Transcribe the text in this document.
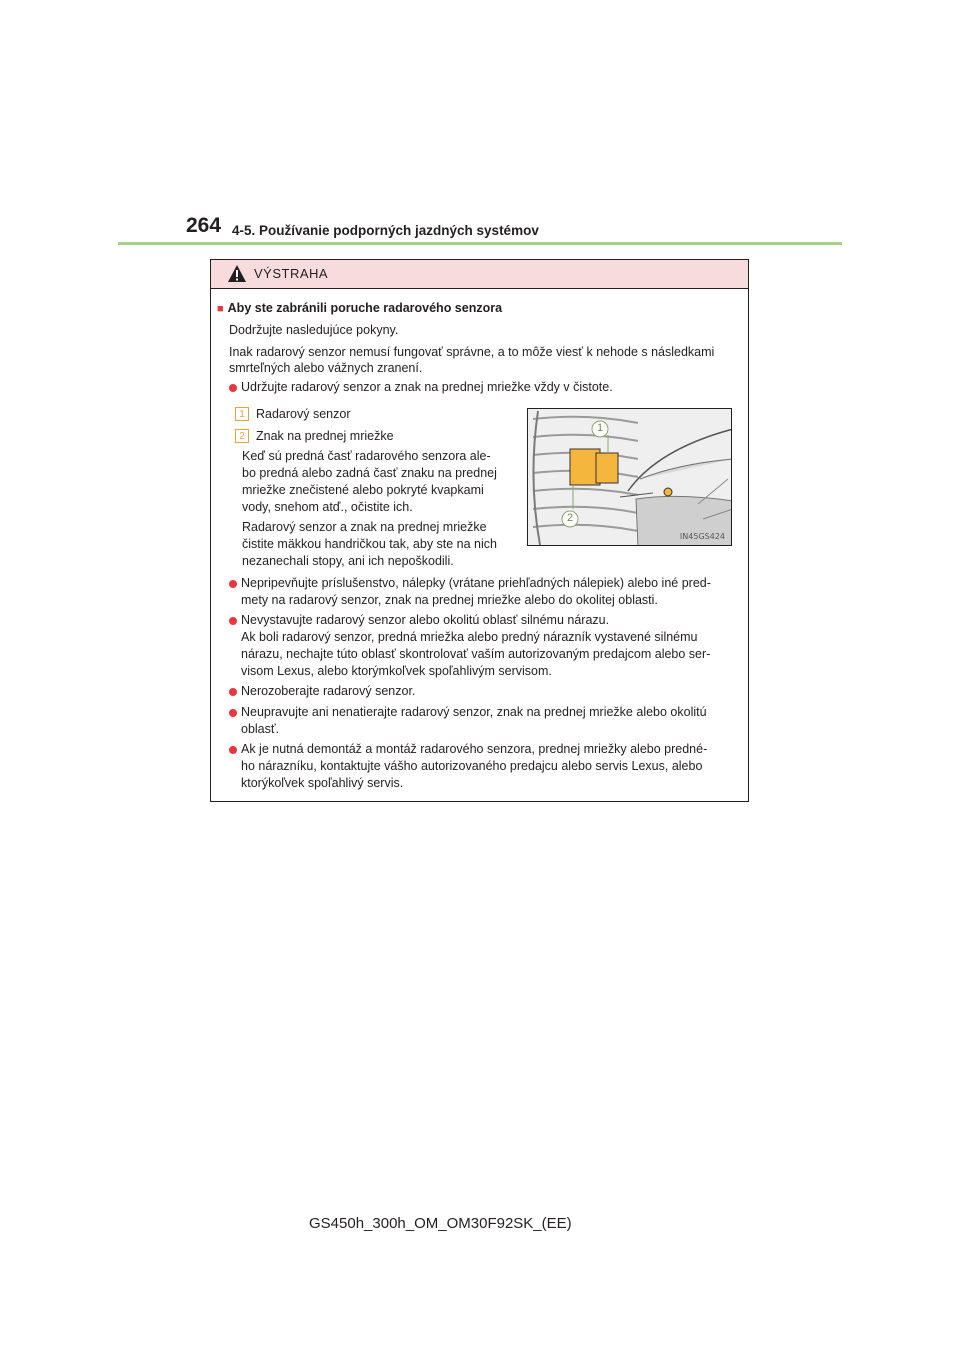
264 4-5. Používanie podporných jazdných systémov
VÝSTRAHA
■ Aby ste zabránili poruche radarového senzora
Dodržujte nasledujúce pokyny.
Inak radarový senzor nemusí fungovať správne, a to môže viesť k nehode s následkami
smrteľných alebo vážnych zranení.
Udržujte radarový senzor a znak na prednej mriežke vždy v čistote.
1 Radarový senzor
2 Znak na prednej mriežke
Keď sú predná časť radarového senzora ale-
bo predná alebo zadná časť znaku na prednej
mriežke znečistené alebo pokryté kvapkami
vody, snehom atď., očistite ich.
Radarový senzor a znak na prednej mriežke
čistite mäkkou handričkou tak, aby ste na nich
nezanechali stopy, ani ich nepoškodili.
1
2
IN45GS424
Nepripevňujte príslušenstvo, nálepky (vrátane priehľadných nálepiek) alebo iné pred-
mety na radarový senzor, znak na prednej mriežke alebo do okolitej oblasti.
Nevystavujte radarový senzor alebo okolitú oblasť silnému nárazu.
Ak boli radarový senzor, predná mriežka alebo predný nárazník vystavené silnému
nárazu, nechajte túto oblasť skontrolovať vaším autorizovaným predajcom alebo ser-
visom Lexus, alebo ktorýmkoľvek spoľahlivým servisom.
Nerozoberajte radarový senzor.
Neupravujte ani nenatierajte radarový senzor, znak na prednej mriežke alebo okolitú
oblasť.
Ak je nutná demontáž a montáž radarového senzora, prednej mriežky alebo predné-
ho nárazníku, kontaktujte vášho autorizovaného predajcu alebo servis Lexus, alebo
ktorýkoľvek spoľahlivý servis.
GS450h_300h_OM_OM30F92SK_(EE)
